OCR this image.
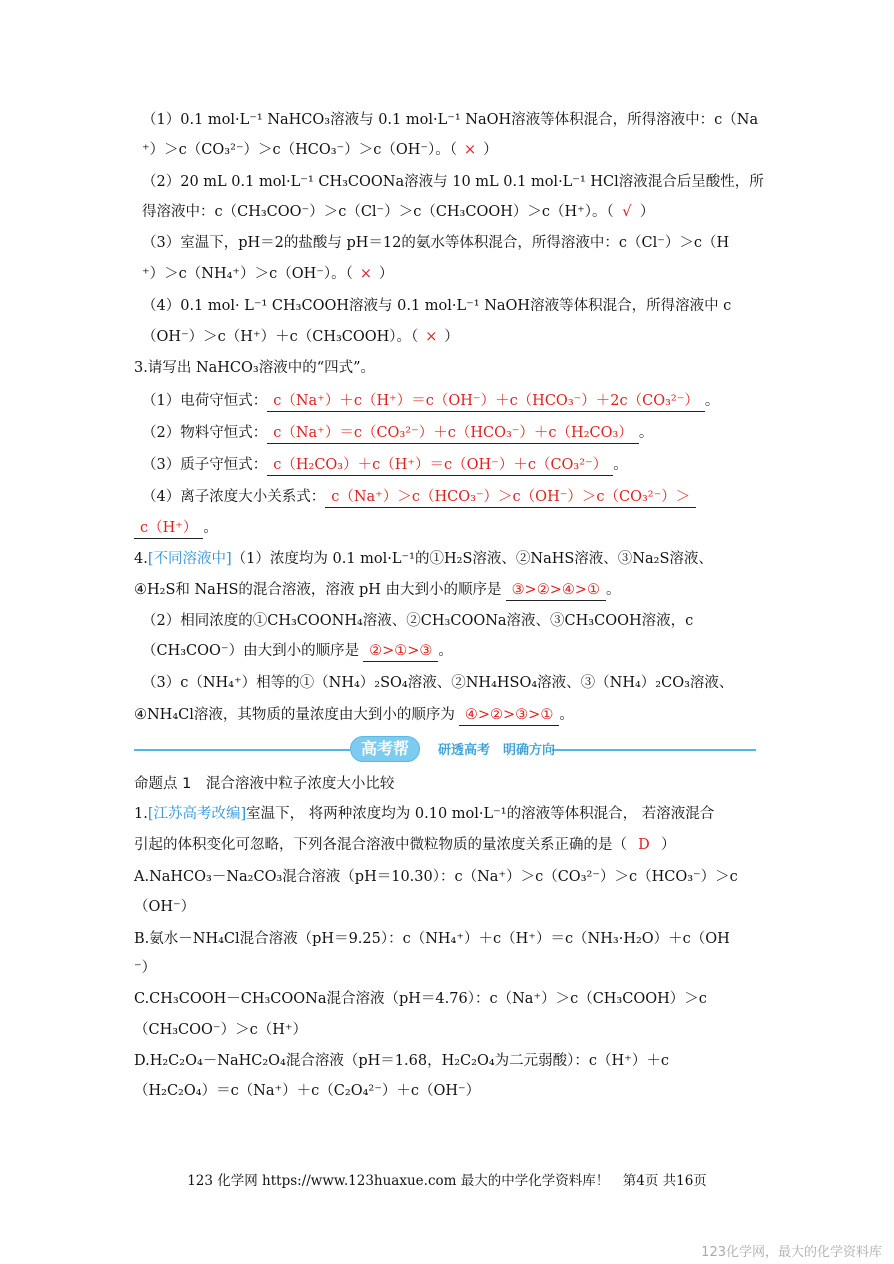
（1）0.1 mol·L⁻¹ NaHCO₃溶液与 0.1 mol·L⁻¹ NaOH溶液等体积混合，所得溶液中：c（Na
⁺）＞c（CO₃²⁻）＞c（HCO₃⁻）＞c（OH⁻）。（ × ）
（2）20 mL 0.1 mol·L⁻¹ CH₃COONa溶液与 10 mL 0.1 mol·L⁻¹ HCl溶液混合后呈酸性，所
得溶液中：c（CH₃COO⁻）＞c（Cl⁻）＞c（CH₃COOH）＞c（H⁺）。（ √ ）
（3）室温下，pH＝2的盐酸与 pH＝12的氨水等体积混合，所得溶液中：c（Cl⁻）＞c（H
⁺）＞c（NH₄⁺）＞c（OH⁻）。（ × ）
（4）0.1 mol· L⁻¹ CH₃COOH溶液与 0.1 mol·L⁻¹ NaOH溶液等体积混合，所得溶液中 c
（OH⁻）＞c（H⁺）＋c（CH₃COOH）。（ × ）
3.请写出 NaHCO₃溶液中的“四式”。
（1）电荷守恒式： c（Na⁺）＋c（H⁺）＝c（OH⁻）＋c（HCO₃⁻）＋2c（CO₃²⁻） 。
（2）物料守恒式： c（Na⁺）＝c（CO₃²⁻）＋c（HCO₃⁻）＋c（H₂CO₃） 。
（3）质子守恒式： c（H₂CO₃）＋c（H⁺）＝c（OH⁻）＋c（CO₃²⁻） 。
（4）离子浓度大小关系式： c（Na⁺）＞c（HCO₃⁻）＞c（OH⁻）＞c（CO₃²⁻）＞
c（H⁺） 。
4.[不同溶液中]（1）浓度均为 0.1 mol·L⁻¹的①H₂S溶液、②NaHS溶液、③Na₂S溶液、
④H₂S和 NaHS的混合溶液，溶液 pH 由大到小的顺序是 ③>②>④>① 。
（2）相同浓度的①CH₃COONH₄溶液、②CH₃COONa溶液、③CH₃COOH溶液，c
（CH₃COO⁻）由大到小的顺序是 ②>①>③ 。
（3）c（NH₄⁺）相等的①（NH₄）₂SO₄溶液、②NH₄HSO₄溶液、③（NH₄）₂CO₃溶液、
④NH₄Cl溶液，其物质的量浓度由大到小的顺序为 ④>②>③>① 。
高考帮	研透高考　明确方向
命题点 1　混合溶液中粒子浓度大小比较
1.[江苏高考改编]室温下， 将两种浓度均为 0.10 mol·L⁻¹的溶液等体积混合， 若溶液混合
引起的体积变化可忽略，下列各混合溶液中微粒物质的量浓度关系正确的是（ D ）
A.NaHCO₃－Na₂CO₃混合溶液（pH＝10.30）：c（Na⁺）＞c（CO₃²⁻）＞c（HCO₃⁻）＞c
（OH⁻）
B.氨水－NH₄Cl混合溶液（pH＝9.25）：c（NH₄⁺）＋c（H⁺）＝c（NH₃·H₂O）＋c（OH
⁻）
C.CH₃COOH－CH₃COONa混合溶液（pH＝4.76）：c（Na⁺）＞c（CH₃COOH）＞c
（CH₃COO⁻）＞c（H⁺）
D.H₂C₂O₄－NaHC₂O₄混合溶液（pH＝1.68，H₂C₂O₄为二元弱酸）：c（H⁺）＋c
（H₂C₂O₄）＝c（Na⁺）＋c（C₂O₄²⁻）＋c（OH⁻）
123 化学网 https://www.123huaxue.com 最大的中学化学资料库！　第4页 共16页
123化学网，最大的化学资料库
